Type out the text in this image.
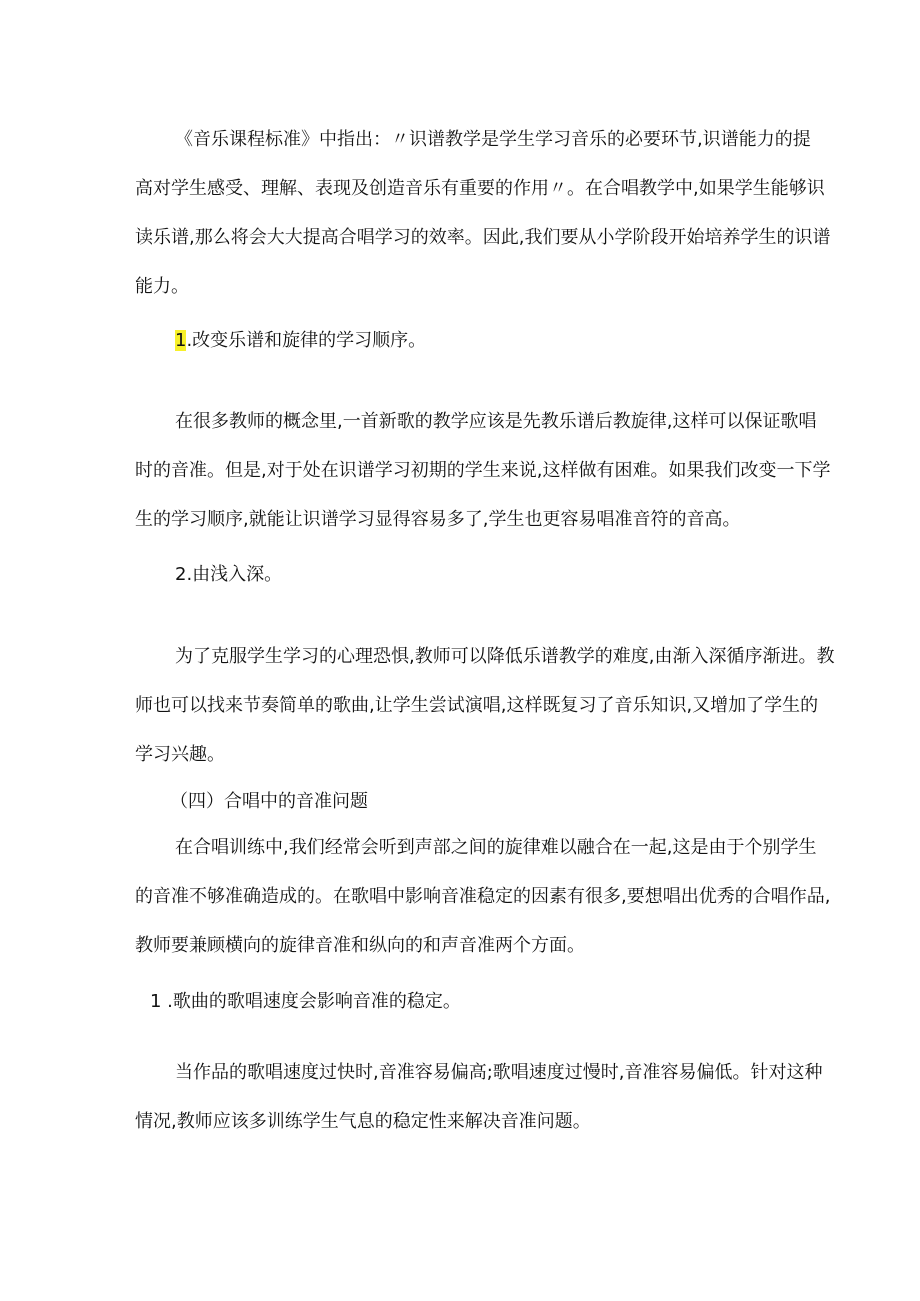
《音乐课程标准》中指出：〃识谱教学是学生学习音乐的必要环节,识谱能力的提
高对学生感受、理解、表现及创造音乐有重要的作用〃。在合唱教学中,如果学生能够识
读乐谱,那么将会大大提高合唱学习的效率。因此,我们要从小学阶段开始培养学生的识谱
能力。
1.改变乐谱和旋律的学习顺序。
在很多教师的概念里,一首新歌的教学应该是先教乐谱后教旋律,这样可以保证歌唱
时的音准。但是,对于处在识谱学习初期的学生来说,这样做有困难。如果我们改变一下学
生的学习顺序,就能让识谱学习显得容易多了,学生也更容易唱准音符的音高。
2.由浅入深。
为了克服学生学习的心理恐惧,教师可以降低乐谱教学的难度,由渐入深循序渐进。教
师也可以找来节奏简单的歌曲,让学生尝试演唱,这样既复习了音乐知识,又增加了学生的
学习兴趣。
（四）合唱中的音准问题
在合唱训练中,我们经常会听到声部之间的旋律难以融合在一起,这是由于个别学生
的音准不够准确造成的。在歌唱中影响音准稳定的因素有很多,要想唱出优秀的合唱作品,
教师要兼顾横向的旋律音准和纵向的和声音准两个方面。
1 .歌曲的歌唱速度会影响音准的稳定。
当作品的歌唱速度过快时,音准容易偏高;歌唱速度过慢时,音准容易偏低。针对这种
情况,教师应该多训练学生气息的稳定性来解决音准问题。
